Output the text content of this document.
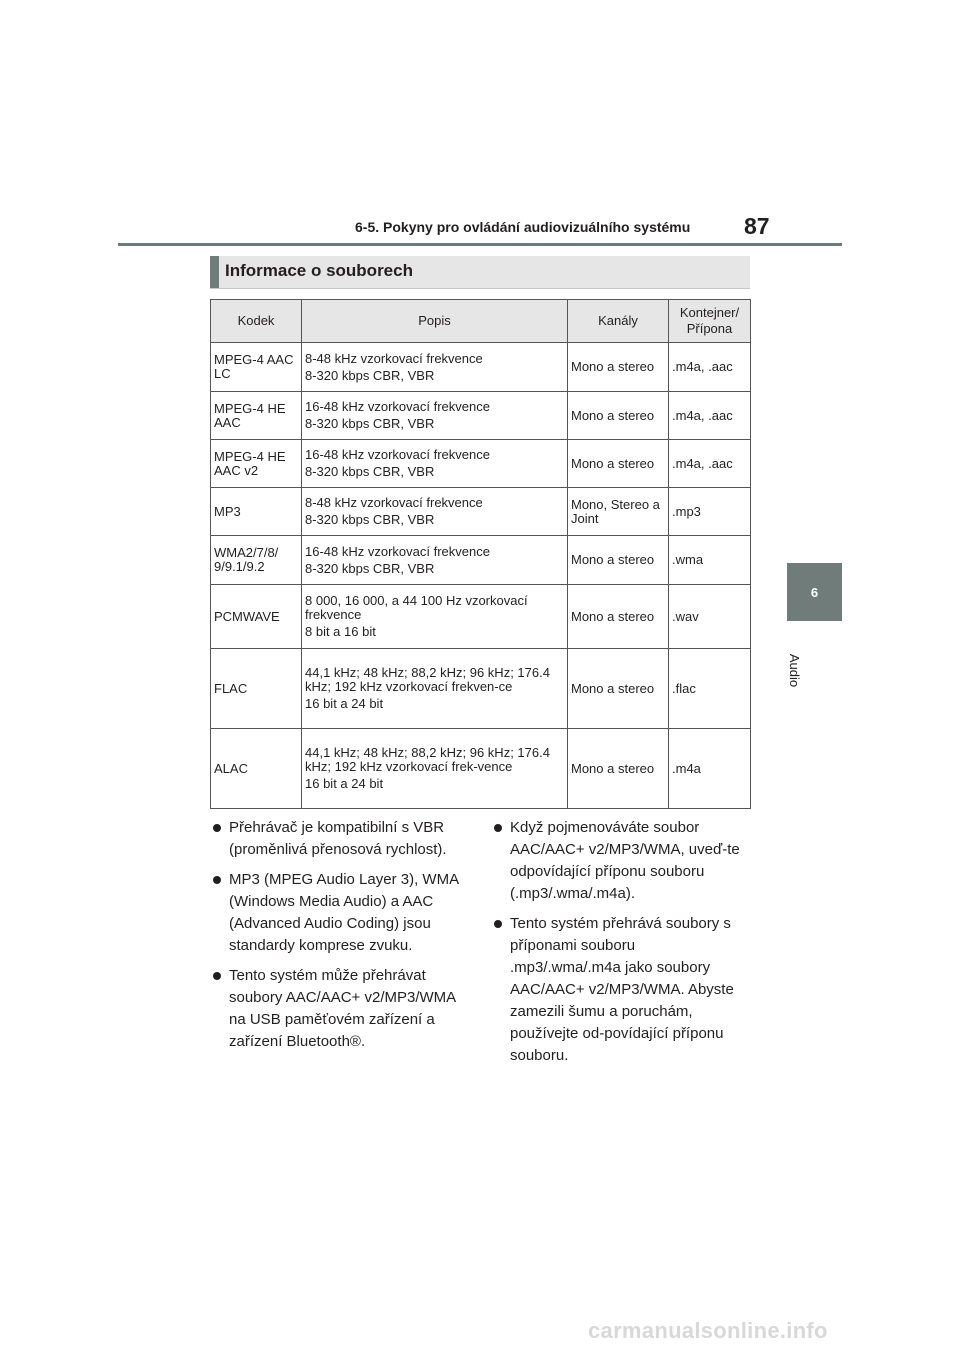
6-5. Pokyny pro ovládání audiovizuálního systému 87
6
Audio
Informace o souborech
Kodek	Popis	Kanály	Kontejner/ Přípona
MPEG-4 AAC LC	8-48 kHz vzorkovací frekvence
8-320 kbps CBR, VBR	Mono a stereo	.m4a, .aac
MPEG-4 HE AAC	16-48 kHz vzorkovací frekvence
8-320 kbps CBR, VBR	Mono a stereo	.m4a, .aac
MPEG-4 HE AAC v2	16-48 kHz vzorkovací frekvence
8-320 kbps CBR, VBR	Mono a stereo	.m4a, .aac
MP3	8-48 kHz vzorkovací frekvence
8-320 kbps CBR, VBR	Mono, Stereo a Joint	.mp3
WMA2/7/8/ 9/9.1/9.2	16-48 kHz vzorkovací frekvence
8-320 kbps CBR, VBR	Mono a stereo	.wma
PCMWAVE	8 000, 16 000, a 44 100 Hz vzorkovací frekvence
8 bit a 16 bit	Mono a stereo	.wav
FLAC	44,1 kHz; 48 kHz; 88,2 kHz; 96 kHz; 176.4 kHz; 192 kHz vzorkovací frekven-ce
16 bit a 24 bit	Mono a stereo	.flac
ALAC	44,1 kHz; 48 kHz; 88,2 kHz; 96 kHz; 176.4 kHz; 192 kHz vzorkovací frek-vence
16 bit a 24 bit	Mono a stereo	.m4a
Přehrávač je kompatibilní s VBR (proměnlivá přenosová rychlost).
MP3 (MPEG Audio Layer 3), WMA (Windows Media Audio) a AAC (Advanced Audio Coding) jsou standardy komprese zvuku.
Tento systém může přehrávat soubory AAC/AAC+ v2/MP3/WMA na USB paměťovém zařízení a zařízení Bluetooth®.
Když pojmenováváte soubor AAC/AAC+ v2/MP3/WMA, uveď-te odpovídající příponu souboru (.mp3/.wma/.m4a).
Tento systém přehrává soubory s příponami souboru .mp3/.wma/.m4a jako soubory AAC/AAC+ v2/MP3/WMA. Abyste zamezili šumu a poruchám, používejte od-povídající příponu souboru.
carmanualsonline.info
